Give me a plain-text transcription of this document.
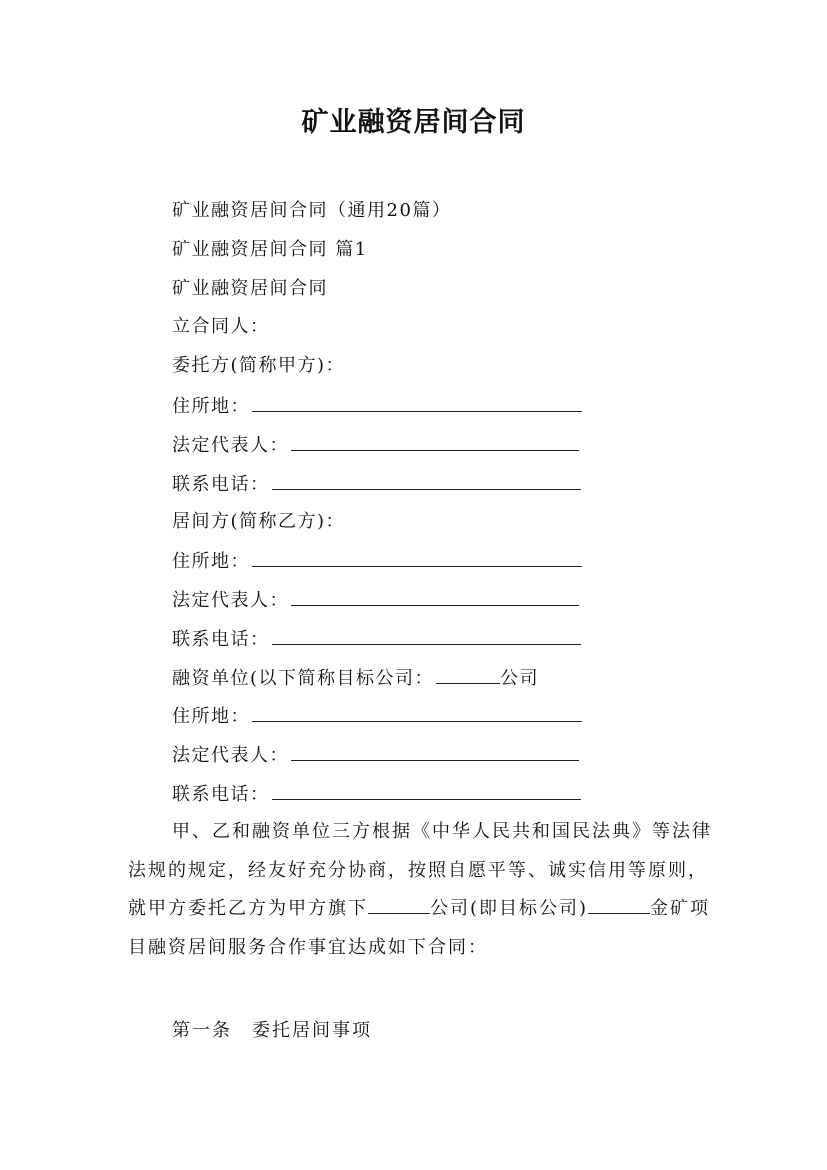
矿业融资居间合同
矿业融资居间合同（通用20篇）
矿业融资居间合同 篇1
矿业融资居间合同
立合同人：
委托方(简称甲方)：
住所地：
法定代表人：
联系电话：
居间方(简称乙方)：
住所地：
法定代表人：
联系电话：
融资单位(以下简称目标公司：	公司
住所地：
法定代表人：
联系电话：

甲、乙和融资单位三方根据《中华人民共和国民法典》等法律法规的规定，经友好充分协商，按照自愿平等、诚实信用等原则，就甲方委托乙方为甲方旗下	公司(即目标公司)	金矿项目融资居间服务合作事宜达成如下合同：

第一条　委托居间事项
